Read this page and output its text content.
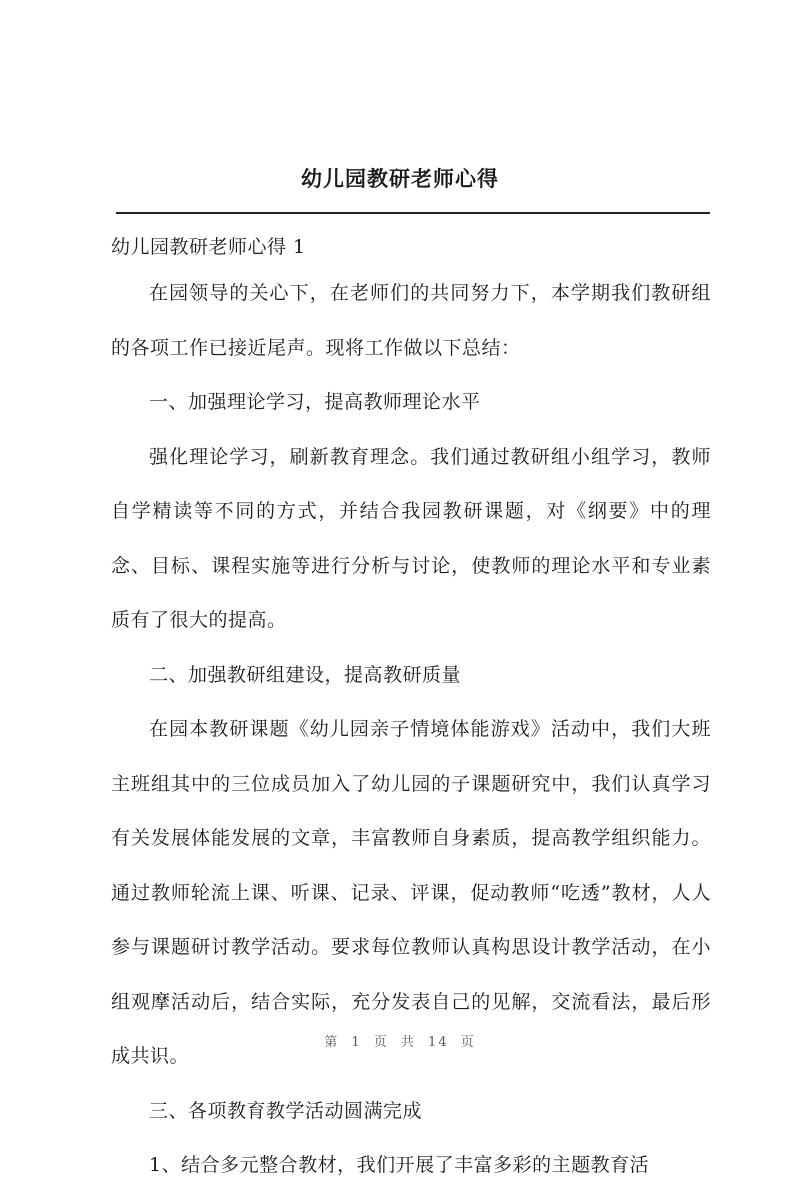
幼儿园教研老师心得
幼儿园教研老师心得 1

在园领导的关心下，在老师们的共同努力下，本学期我们教研组的各项工作已接近尾声。现将工作做以下总结：

一、加强理论学习，提高教师理论水平

强化理论学习，刷新教育理念。我们通过教研组小组学习，教师自学精读等不同的方式，并结合我园教研课题，对《纲要》中的理念、目标、课程实施等进行分析与讨论，使教师的理论水平和专业素质有了很大的提高。

二、加强教研组建设，提高教研质量

在园本教研课题《幼儿园亲子情境体能游戏》活动中，我们大班主班组其中的三位成员加入了幼儿园的子课题研究中，我们认真学习有关发展体能发展的文章，丰富教师自身素质，提高教学组织能力。通过教师轮流上课、听课、记录、评课，促动教师“吃透”教材，人人参与课题研讨教学活动。要求每位教师认真构思设计教学活动，在小组观摩活动后，结合实际，充分发表自己的见解，交流看法，最后形成共识。

三、各项教育教学活动圆满完成

1、结合多元整合教材，我们开展了丰富多彩的主题教育活

第 1 页 共 14 页
